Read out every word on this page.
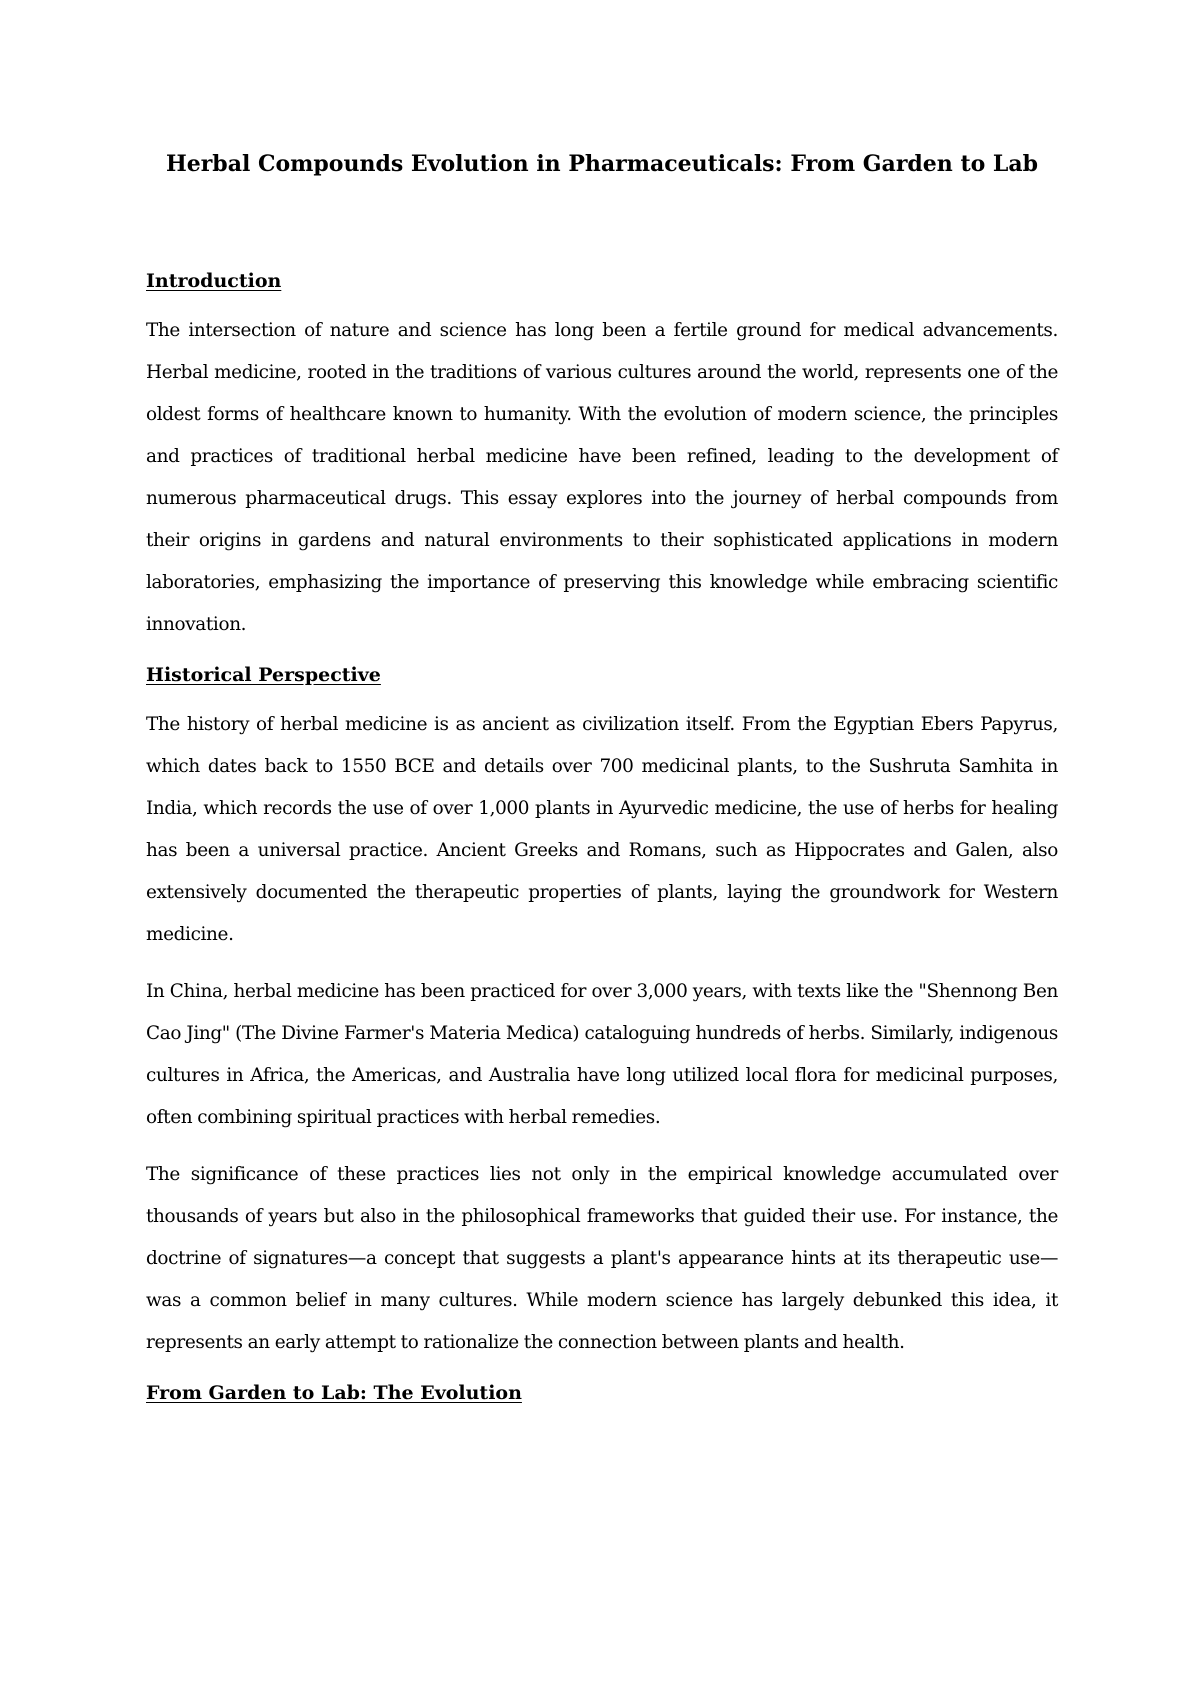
Herbal Compounds Evolution in Pharmaceuticals: From Garden to Lab
Introduction

The intersection of nature and science has long been a fertile ground for medical advancements. Herbal medicine, rooted in the traditions of various cultures around the world, represents one of the oldest forms of healthcare known to humanity. With the evolution of modern science, the principles and practices of traditional herbal medicine have been refined, leading to the development of numerous pharmaceutical drugs. This essay explores into the journey of herbal compounds from their origins in gardens and natural environments to their sophisticated applications in modern laboratories, emphasizing the importance of preserving this knowledge while embracing scientific innovation.

Historical Perspective

The history of herbal medicine is as ancient as civilization itself. From the Egyptian Ebers Papyrus, which dates back to 1550 BCE and details over 700 medicinal plants, to the Sushruta Samhita in India, which records the use of over 1,000 plants in Ayurvedic medicine, the use of herbs for healing has been a universal practice. Ancient Greeks and Romans, such as Hippocrates and Galen, also extensively documented the therapeutic properties of plants, laying the groundwork for Western medicine.

In China, herbal medicine has been practiced for over 3,000 years, with texts like the "Shennong Ben Cao Jing" (The Divine Farmer's Materia Medica) cataloguing hundreds of herbs. Similarly, indigenous cultures in Africa, the Americas, and Australia have long utilized local flora for medicinal purposes, often combining spiritual practices with herbal remedies.

The significance of these practices lies not only in the empirical knowledge accumulated over thousands of years but also in the philosophical frameworks that guided their use. For instance, the doctrine of signatures—a concept that suggests a plant's appearance hints at its therapeutic use—was a common belief in many cultures. While modern science has largely debunked this idea, it represents an early attempt to rationalize the connection between plants and health.

From Garden to Lab: The Evolution
